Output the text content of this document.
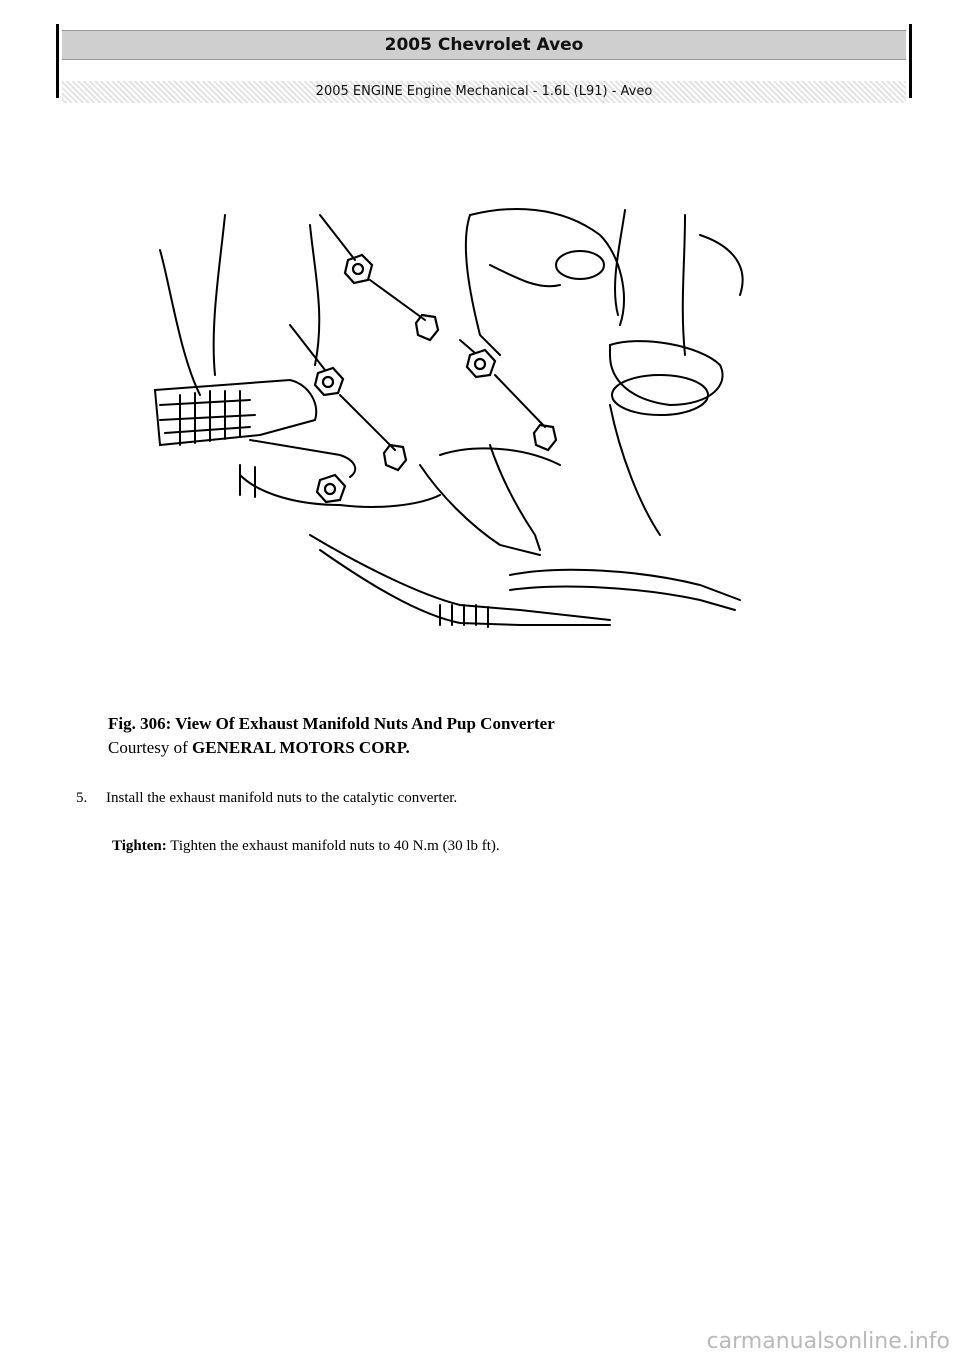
2005 Chevrolet Aveo
2005 ENGINE Engine Mechanical - 1.6L (L91) - Aveo
Fig. 306: View Of Exhaust Manifold Nuts And Pup Converter
Courtesy of GENERAL MOTORS CORP.
5. Install the exhaust manifold nuts to the catalytic converter.
Tighten: Tighten the exhaust manifold nuts to 40 N.m (30 lb ft).
carmanualsonline.info
